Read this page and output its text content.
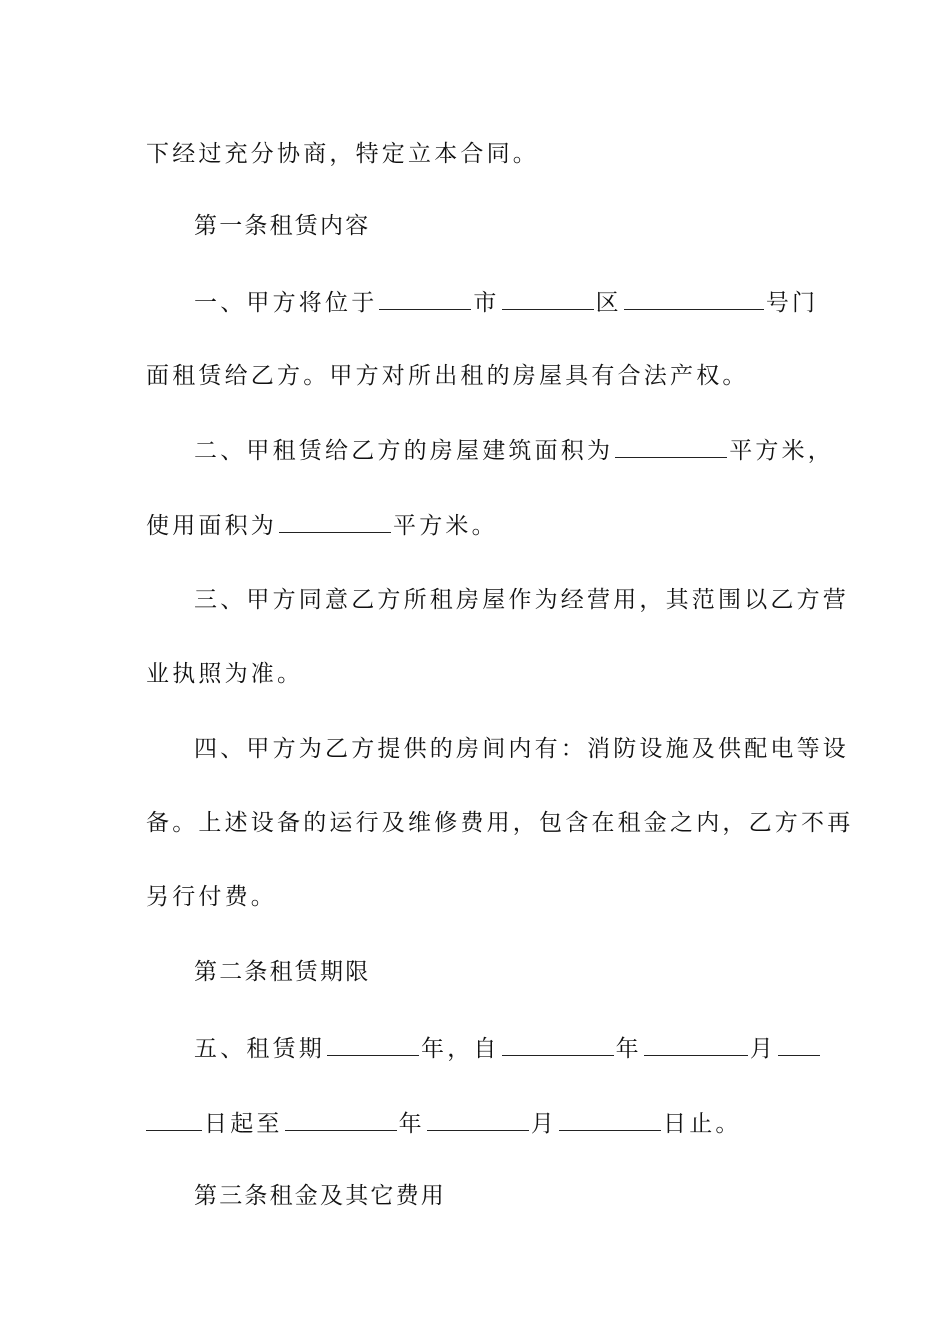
下经过充分协商，特定立本合同。
第一条租赁内容
一、甲方将位于	市	区	号门
面租赁给乙方。甲方对所出租的房屋具有合法产权。
二、甲租赁给乙方的房屋建筑面积为	平方米，
使用面积为	平方米。
三、甲方同意乙方所租房屋作为经营用，其范围以乙方营
业执照为准。
四、甲方为乙方提供的房间内有：消防设施及供配电等设
备。上述设备的运行及维修费用，包含在租金之内，乙方不再
另行付费。
第二条租赁期限
五、租赁期	年，自	年	月
日起至	年	月	日止。
第三条租金及其它费用
